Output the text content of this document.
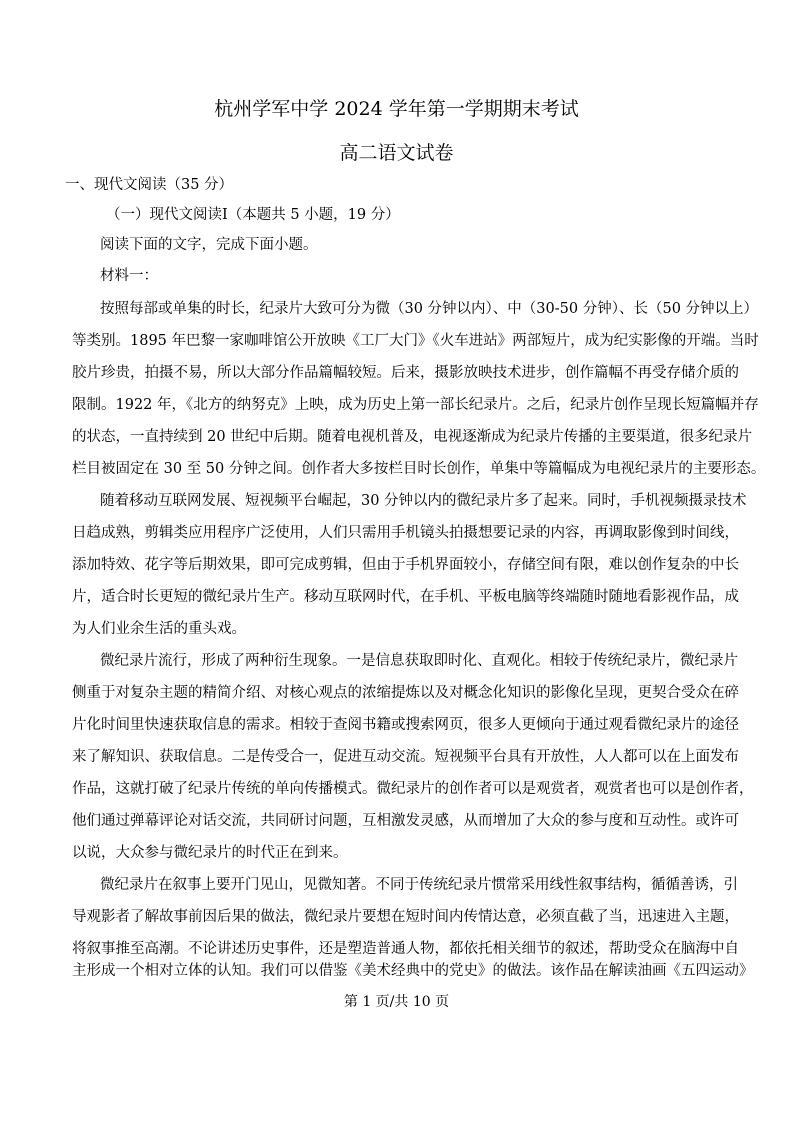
杭州学军中学 2024 学年第一学期期末考试
高二语文试卷
一、现代文阅读（35 分）
（一）现代文阅读Ⅰ（本题共 5 小题，19 分）
阅读下面的文字，完成下面小题。
材料一：
按照每部或单集的时长，纪录片大致可分为微（30 分钟以内）、中（30-50 分钟）、长（50 分钟以上）
等类别。1895 年巴黎一家咖啡馆公开放映《工厂大门》《火车进站》两部短片，成为纪实影像的开端。当时
胶片珍贵，拍摄不易，所以大部分作品篇幅较短。后来，摄影放映技术进步，创作篇幅不再受存储介质的
限制。1922 年，《北方的纳努克》上映，成为历史上第一部长纪录片。之后，纪录片创作呈现长短篇幅并存
的状态，一直持续到 20 世纪中后期。随着电视机普及，电视逐渐成为纪录片传播的主要渠道，很多纪录片
栏目被固定在 30 至 50 分钟之间。创作者大多按栏目时长创作，单集中等篇幅成为电视纪录片的主要形态。
随着移动互联网发展、短视频平台崛起，30 分钟以内的微纪录片多了起来。同时，手机视频摄录技术
日趋成熟，剪辑类应用程序广泛使用，人们只需用手机镜头拍摄想要记录的内容，再调取影像到时间线，
添加特效、花字等后期效果，即可完成剪辑，但由于手机界面较小，存储空间有限，难以创作复杂的中长
片，适合时长更短的微纪录片生产。移动互联网时代，在手机、平板电脑等终端随时随地看影视作品，成
为人们业余生活的重头戏。
微纪录片流行，形成了两种衍生现象。一是信息获取即时化、直观化。相较于传统纪录片，微纪录片
侧重于对复杂主题的精简介绍、对核心观点的浓缩提炼以及对概念化知识的影像化呈现，更契合受众在碎
片化时间里快速获取信息的需求。相较于查阅书籍或搜索网页，很多人更倾向于通过观看微纪录片的途径
来了解知识、获取信息。二是传受合一，促进互动交流。短视频平台具有开放性，人人都可以在上面发布
作品，这就打破了纪录片传统的单向传播模式。微纪录片的创作者可以是观赏者，观赏者也可以是创作者，
他们通过弹幕评论对话交流，共同研讨问题，互相激发灵感，从而增加了大众的参与度和互动性。或许可
以说，大众参与微纪录片的时代正在到来。
微纪录片在叙事上要开门见山，见微知著。不同于传统纪录片惯常采用线性叙事结构，循循善诱，引
导观影者了解故事前因后果的做法，微纪录片要想在短时间内传情达意，必须直截了当，迅速进入主题，
将叙事推至高潮。不论讲述历史事件，还是塑造普通人物，都依托相关细节的叙述，帮助受众在脑海中自
主形成一个相对立体的认知。我们可以借鉴《美术经典中的党史》的做法。该作品在解读油画《五四运动》
第 1 页/共 10 页
